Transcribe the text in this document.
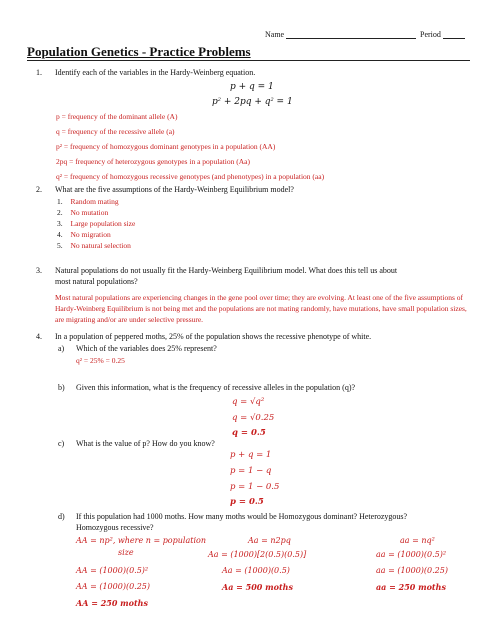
Name	Period
Population Genetics - Practice Problems
1. Identify each of the variables in the Hardy-Weinberg equation.
p + q = 1
$p^2 + 2pq + q^2 = 1$
p = frequency of the dominant allele (A)
q = frequency of the recessive allele (a)
p² = frequency of homozygous dominant genotypes in a population (AA)
2pq = frequency of heterozygous genotypes in a population (Aa)
q² = frequency of homozygous recessive genotypes (and phenotypes) in a population (aa)
2. What are the five assumptions of the Hardy-Weinberg Equilibrium model?
1. Random mating
2. No mutation
3. Large population size
4. No migration
5. No natural selection
3. Natural populations do not usually fit the Hardy-Weinberg Equilibrium model. What does this tell us about
most natural populations?
Most natural populations are experiencing changes in the gene pool over time; they are evolving. At least one of the five assumptions of Hardy-Weinberg Equilibrium is not being met and the populations are not mating randomly, have mutations, have small population sizes, are migrating and/or are under selective pressure.
4. In a population of peppered moths, 25% of the population shows the recessive phenotype of white.
a) Which of the variables does 25% represent?
q² = 25% = 0.25
b) Given this information, what is the frequency of recessive alleles in the population (q)?
q = √q²
q = √0.25
q = 0.5
c) What is the value of p? How do you know?
p + q = 1
p = 1 − q
p = 1 − 0.5
p = 0.5
d) If this population had 1000 moths. How many moths would be Homozygous dominant? Heterozygous?
Homozygous recessive?
AA = np², where n = population
size
AA = (1000)(0.5)²
AA = (1000)(0.25)
AA = 250 moths
Aa = n2pq
Aa = (1000)[2(0.5)(0.5)]
Aa = (1000)(0.5)
Aa = 500 moths
aa = nq²
aa = (1000)(0.5)²
aa = (1000)(0.25)
aa = 250 moths
